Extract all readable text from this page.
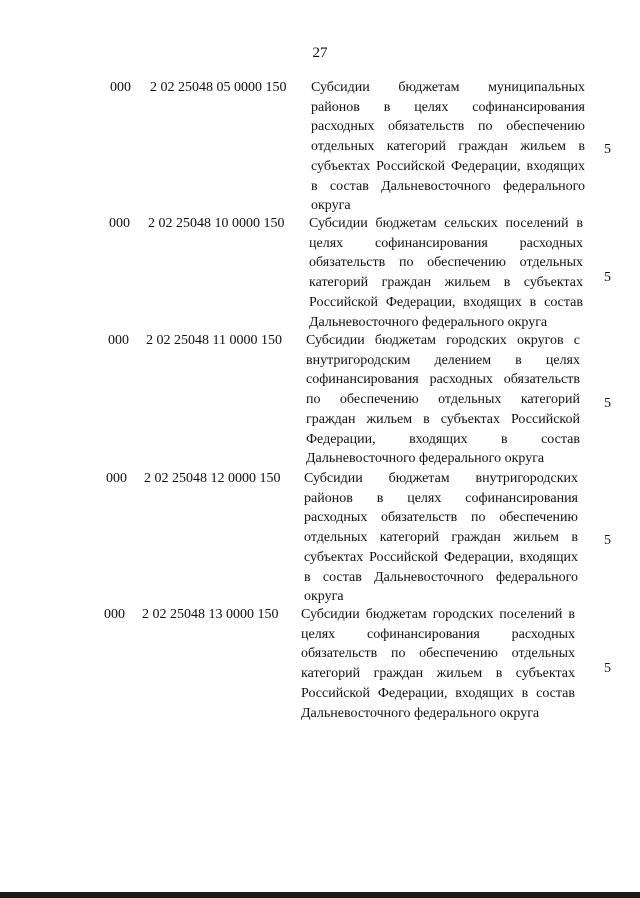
27
000 2 02 25048 05 0000 150 Субсидии бюджетам муниципальных районов в целях софинансирования расходных обязательств по обеспечению отдельных категорий граждан жильем в субъектах Российской Федерации, входящих в состав Дальневосточного федерального округа
5
000 2 02 25048 10 0000 150 Субсидии бюджетам сельских поселений в целях софинансирования расходных обязательств по обеспечению отдельных категорий граждан жильем в субъектах Российской Федерации, входящих в состав Дальневосточного федерального округа
5
000 2 02 25048 11 0000 150 Субсидии бюджетам городских округов с внутригородским делением в целях софинансирования расходных обязательств по обеспечению отдельных категорий граждан жильем в субъектах Российской Федерации, входящих в состав Дальневосточного федерального округа
5
000 2 02 25048 12 0000 150 Субсидии бюджетам внутригородских районов в целях софинансирования расходных обязательств по обеспечению отдельных категорий граждан жильем в субъектах Российской Федерации, входящих в состав Дальневосточного федерального округа
5
000 2 02 25048 13 0000 150 Субсидии бюджетам городских поселений в целях софинансирования расходных обязательств по обеспечению отдельных категорий граждан жильем в субъектах Российской Федерации, входящих в состав Дальневосточного федерального округа
5
